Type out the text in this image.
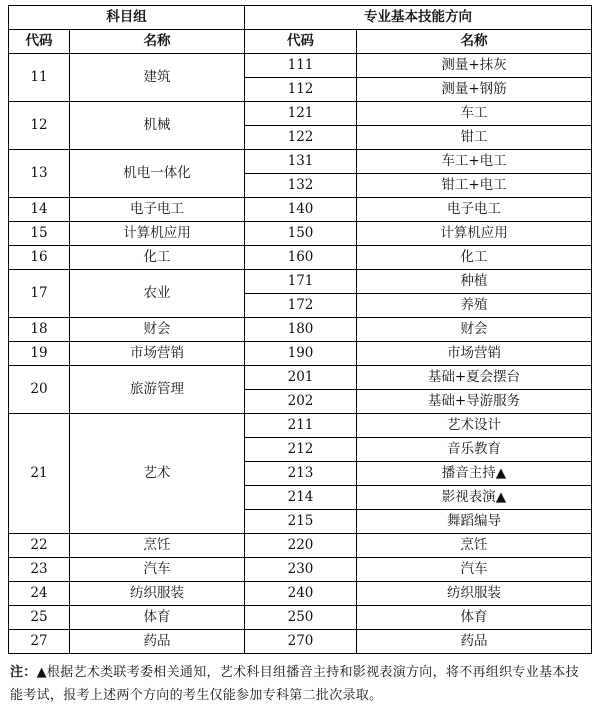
科目组		专业基本技能方向	
代码	名称	代码	名称
11	建筑	111	测量+抹灰
		112	测量+钢筋
12	机械	121	车工
		122	钳工
13	机电一体化	131	车工+电工
		132	钳工+电工
14	电子电工	140	电子电工
15	计算机应用	150	计算机应用
16	化工	160	化工
17	农业	171	种植
		172	养殖
18	财会	180	财会
19	市场营销	190	市场营销
20	旅游管理	201	基础+夏会摆台
		202	基础+导游服务
21	艺术	211	艺术设计
		212	音乐教育
		213	播音主持▲
		214	影视表演▲
		215	舞蹈编导
22	烹饪	220	烹饪
23	汽车	230	汽车
24	纺织服装	240	纺织服装
25	体育	250	体育
27	药品	270	药品
注：▲根据艺术类联考委相关通知，艺术科目组播音主持和影视表演方向，将不再组织专业基本技能考试，报考上述两个方向的考生仅能参加专科第二批次录取。
